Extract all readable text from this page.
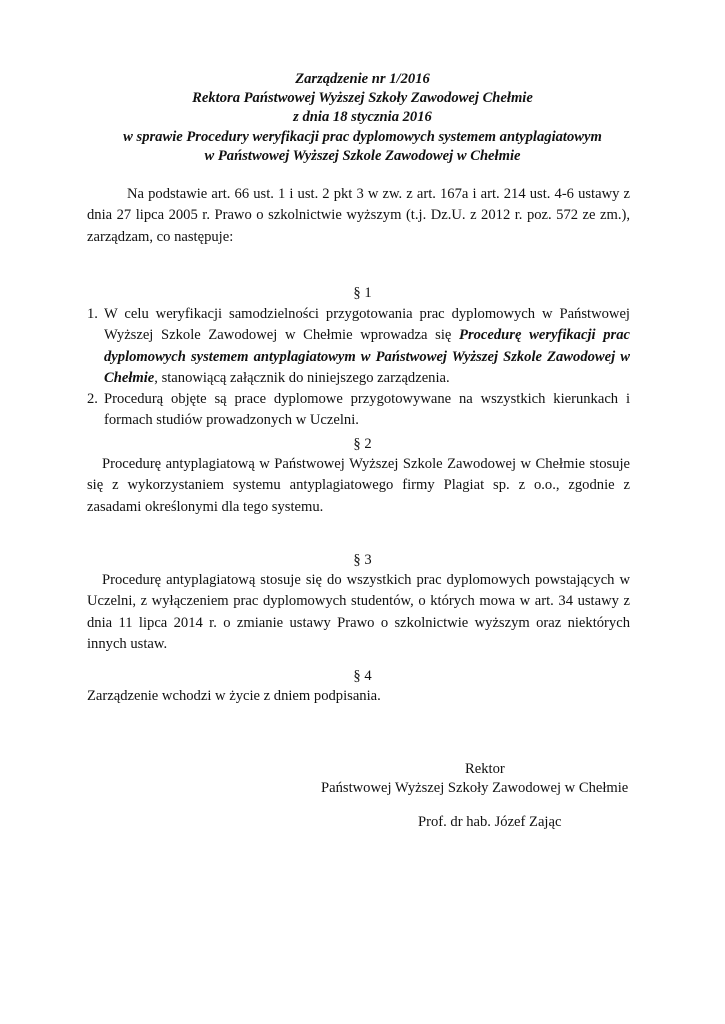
Zarządzenie nr 1/2016
Rektora Państwowej Wyższej Szkoły Zawodowej Chełmie
z dnia 18 stycznia 2016
w sprawie Procedury weryfikacji prac dyplomowych systemem antyplagiatowym
w Państwowej Wyższej Szkole Zawodowej w Chełmie

Na podstawie art. 66 ust. 1 i ust. 2 pkt 3 w zw. z art. 167a i art. 214 ust. 4-6 ustawy z dnia 27 lipca 2005 r. Prawo o szkolnictwie wyższym (t.j. Dz.U. z 2012 r. poz. 572 ze zm.), zarządzam, co następuje:

§ 1
1. W celu weryfikacji samodzielności przygotowania prac dyplomowych w Państwowej Wyższej Szkole Zawodowej w Chełmie wprowadza się Procedurę weryfikacji prac dyplomowych systemem antyplagiatowym w Państwowej Wyższej Szkole Zawodowej w Chełmie, stanowiącą załącznik do niniejszego zarządzenia.
2. Procedurą objęte są prace dyplomowe przygotowywane na wszystkich kierunkach i formach studiów prowadzonych w Uczelni.
§ 2

Procedurę antyplagiatową w Państwowej Wyższej Szkole Zawodowej w Chełmie stosuje się z wykorzystaniem systemu antyplagiatowego firmy Plagiat sp. z o.o., zgodnie z zasadami określonymi dla tego systemu.

§ 3

Procedurę antyplagiatową stosuje się do wszystkich prac dyplomowych powstających w Uczelni, z wyłączeniem prac dyplomowych studentów, o których mowa w art. 34 ustawy z dnia 11 lipca 2014 r. o zmianie ustawy Prawo o szkolnictwie wyższym oraz niektórych innych ustaw.

§ 4

Zarządzenie wchodzi w życie z dniem podpisania.

Rektor
Państwowej Wyższej Szkoły Zawodowej w Chełmie
Prof. dr hab. Józef Zając
